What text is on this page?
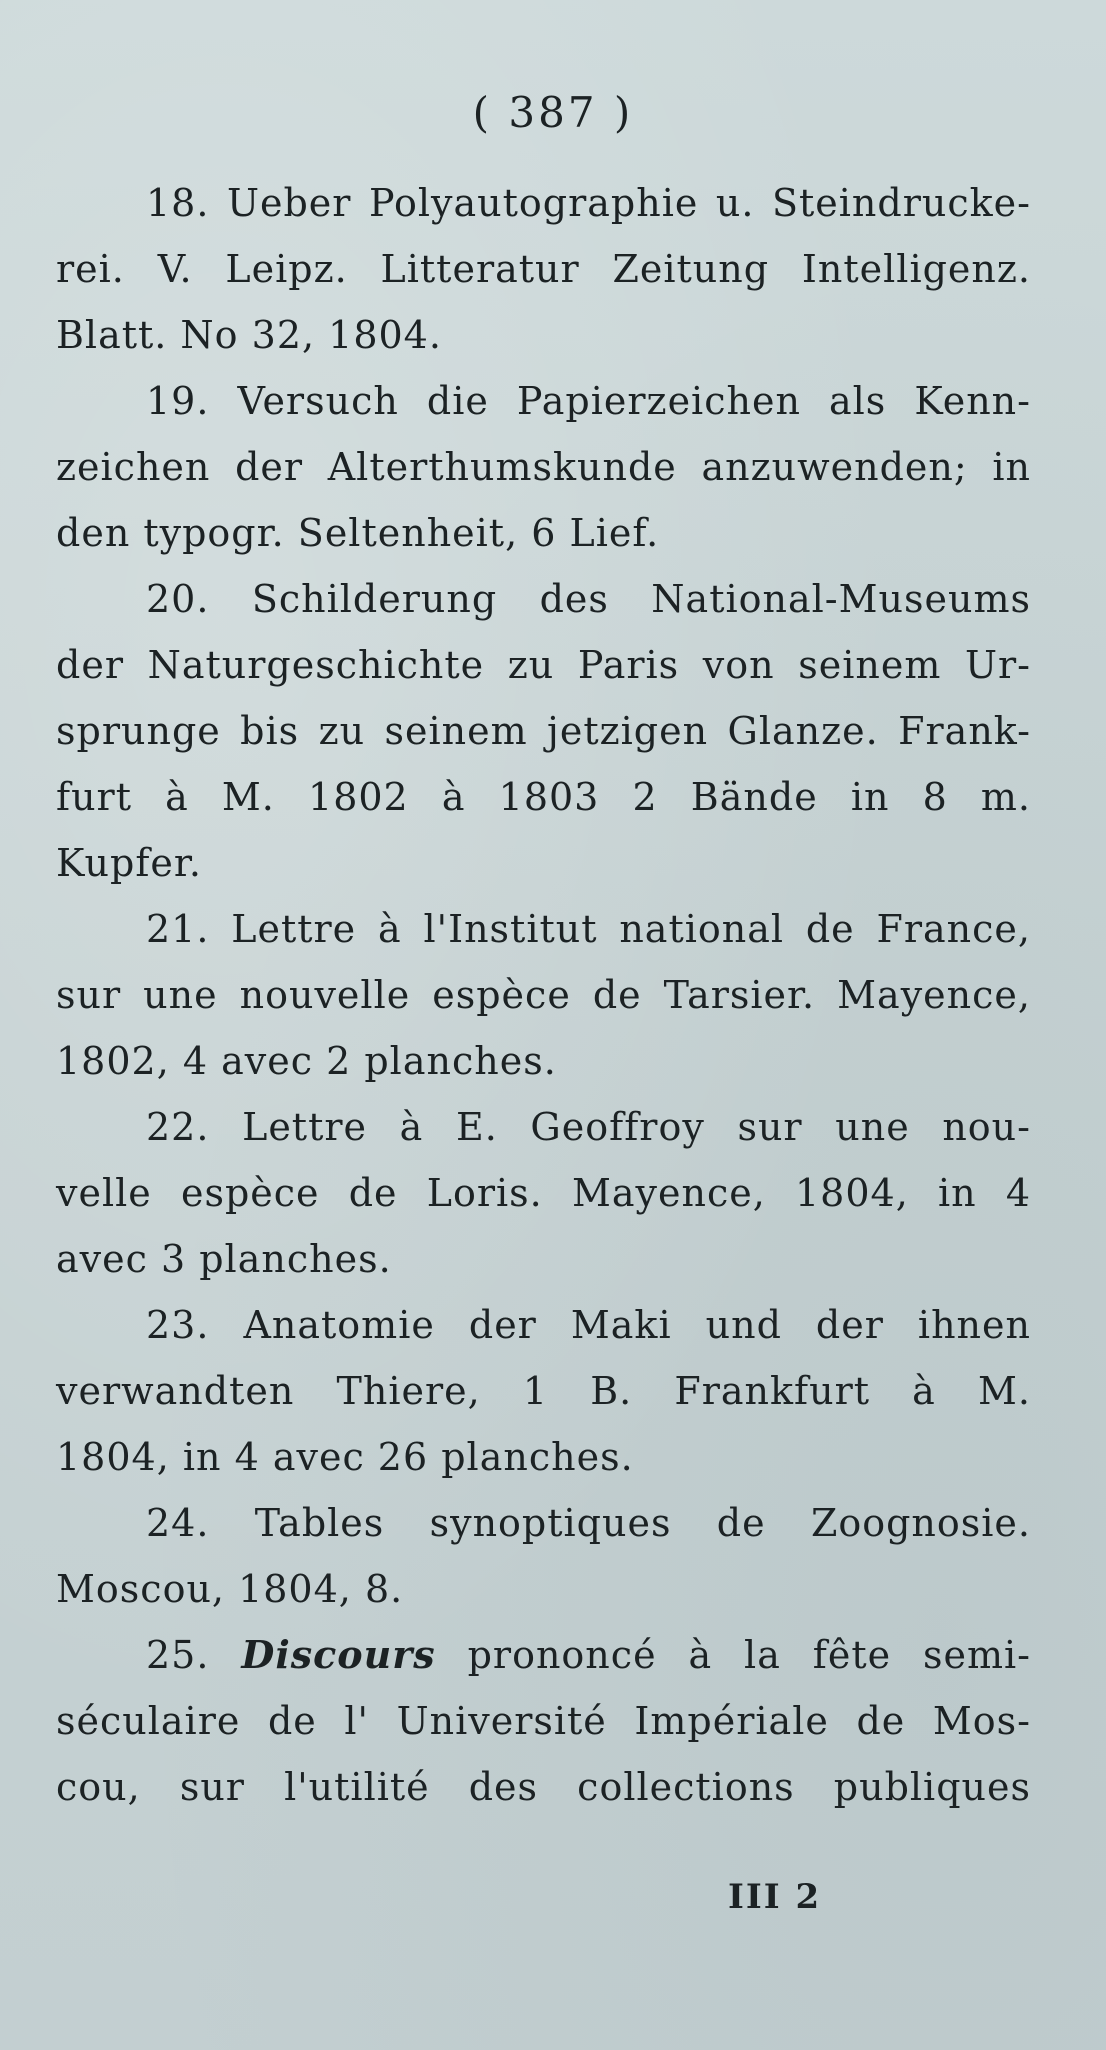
( 387 )

18. Ueber Polyautographie u. Steindrucke-
rei. V. Leipz. Litteratur Zeitung Intelligenz.
Blatt. No 32, 1804.

19. Versuch die Papierzeichen als Kenn-
zeichen der Alterthumskunde anzuwenden; in
den typogr. Seltenheit, 6 Lief.

20. Schilderung des National-Museums
der Naturgeschichte zu Paris von seinem Ur-
sprunge bis zu seinem jetzigen Glanze. Frank-
furt à M. 1802 à 1803 2 Bände in 8 m.
Kupfer.

21. Lettre à l'Institut national de France,
sur une nouvelle espèce de Tarsier. Mayence,
1802, 4 avec 2 planches.

22. Lettre à E. Geoffroy sur une nou-
velle espèce de Loris. Mayence, 1804, in 4
avec 3 planches.

23. Anatomie der Maki und der ihnen
verwandten Thiere, 1 B. Frankfurt à M.
1804, in 4 avec 26 planches.

24. Tables synoptiques de Zoognosie.
Moscou, 1804, 8.

25. Discours prononcé à la fête semi-
séculaire de l' Université Impériale de Mos-
cou, sur l'utilité des collections publiques

III 2
